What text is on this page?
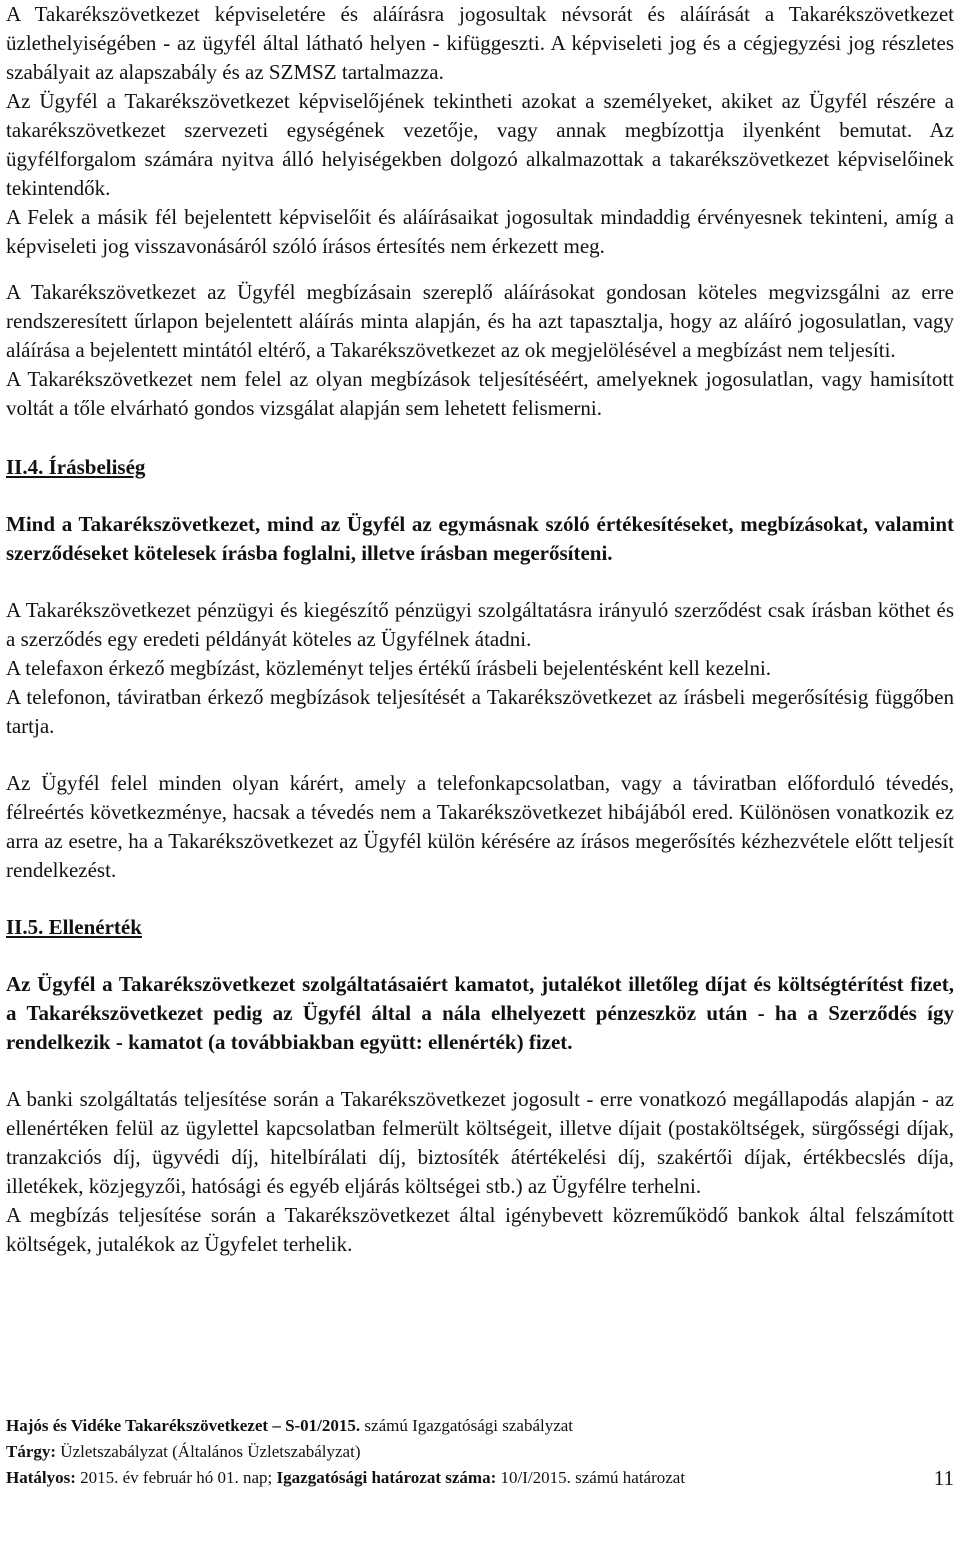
A Takarékszövetkezet képviseletére és aláírásra jogosultak névsorát és aláírását a Takarékszövetkezet üzlethelyiségében - az ügyfél által látható helyen - kifüggeszti. A képviseleti jog és a cégjegyzési jog részletes szabályait az alapszabály és az SZMSZ tartalmazza.

Az Ügyfél a Takarékszövetkezet képviselőjének tekintheti azokat a személyeket, akiket az Ügyfél részére a takarékszövetkezet szervezeti egységének vezetője, vagy annak megbízottja ilyenként bemutat. Az ügyfélforgalom számára nyitva álló helyiségekben dolgozó alkalmazottak a takarékszövetkezet képviselőinek tekintendők.

A Felek a másik fél bejelentett képviselőit és aláírásaikat jogosultak mindaddig érvényesnek tekinteni, amíg a képviseleti jog visszavonásáról szóló írásos értesítés nem érkezett meg.

A Takarékszövetkezet az Ügyfél megbízásain szereplő aláírásokat gondosan köteles megvizsgálni az erre rendszeresített űrlapon bejelentett aláírás minta alapján, és ha azt tapasztalja, hogy az aláíró jogosulatlan, vagy aláírása a bejelentett mintától eltérő, a Takarékszövetkezet az ok megjelölésével a megbízást nem teljesíti.

A Takarékszövetkezet nem felel az olyan megbízások teljesítéséért, amelyeknek jogosulatlan, vagy hamisított voltát a tőle elvárható gondos vizsgálat alapján sem lehetett felismerni.

II.4. Írásbeliség

Mind a Takarékszövetkezet, mind az Ügyfél az egymásnak szóló értékesítéseket, megbízásokat, valamint szerződéseket kötelesek írásba foglalni, illetve írásban megerősíteni.

A Takarékszövetkezet pénzügyi és kiegészítő pénzügyi szolgáltatásra irányuló szerződést csak írásban köthet és a szerződés egy eredeti példányát köteles az Ügyfélnek átadni.

A telefaxon érkező megbízást, közleményt teljes értékű írásbeli bejelentésként kell kezelni.

A telefonon, táviratban érkező megbízások teljesítését a Takarékszövetkezet az írásbeli megerősítésig függőben tartja.

Az Ügyfél felel minden olyan kárért, amely a telefonkapcsolatban, vagy a táviratban előforduló tévedés, félreértés következménye, hacsak a tévedés nem a Takarékszövetkezet hibájából ered. Különösen vonatkozik ez arra az esetre, ha a Takarékszövetkezet az Ügyfél külön kérésére az írásos megerősítés kézhezvétele előtt teljesít rendelkezést.

II.5. Ellenérték

Az Ügyfél a Takarékszövetkezet szolgáltatásaiért kamatot, jutalékot illetőleg díjat és költségtérítést fizet, a Takarékszövetkezet pedig az Ügyfél által a nála elhelyezett pénzeszköz után - ha a Szerződés így rendelkezik - kamatot (a továbbiakban együtt: ellenérték) fizet.

A banki szolgáltatás teljesítése során a Takarékszövetkezet jogosult - erre vonatkozó megállapodás alapján - az ellenértéken felül az ügylettel kapcsolatban felmerült költségeit, illetve díjait (postaköltségek, sürgősségi díjak, tranzakciós díj, ügyvédi díj, hitelbírálati díj, biztosíték átértékelési díj, szakértői díjak, értékbecslés díja, illetékek, közjegyzői, hatósági és egyéb eljárás költségei stb.) az Ügyfélre terhelni.

A megbízás teljesítése során a Takarékszövetkezet által igénybevett közreműködő bankok által felszámított költségek, jutalékok az Ügyfelet terhelik.

Hajós és Vidéke Takarékszövetkezet – S-01/2015. számú Igazgatósági szabályzat
Tárgy: Üzletszabályzat (Általános Üzletszabályzat)
Hatályos: 2015. év február hó 01. nap; Igazgatósági határozat száma: 10/I/2015. számú határozat	11
